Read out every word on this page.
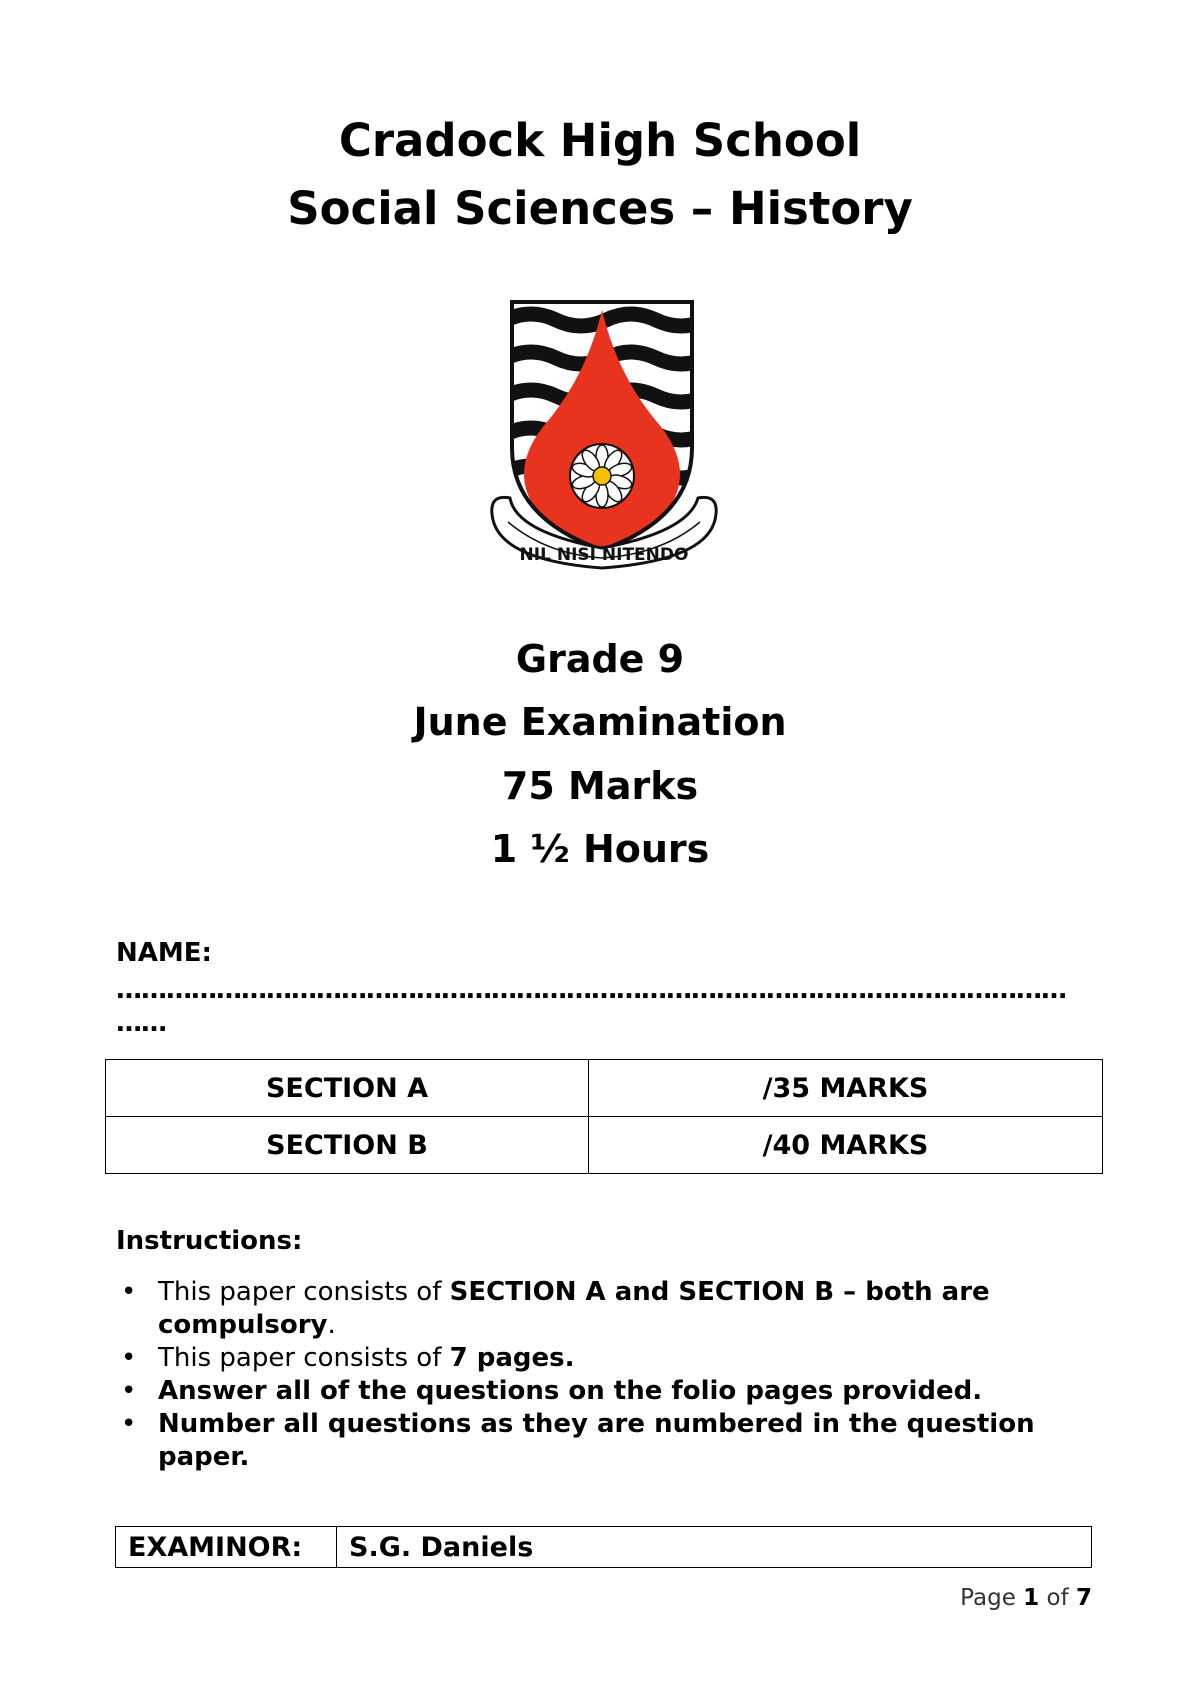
Cradock High School
Social Sciences – History
NIL NISI NITENDO

Grade 9

June Examination

75 Marks

1 ½ Hours

NAME:
……………………………………………………………………………………………………
……
SECTION A	/35 MARKS
SECTION B	/40 MARKS
Instructions:
• This paper consists of SECTION A and SECTION B – both are compulsory.
• This paper consists of 7 pages.
• Answer all of the questions on the folio pages provided.
• Number all questions as they are numbered in the question paper.
EXAMINOR:	S.G. Daniels
Page 1 of 7
